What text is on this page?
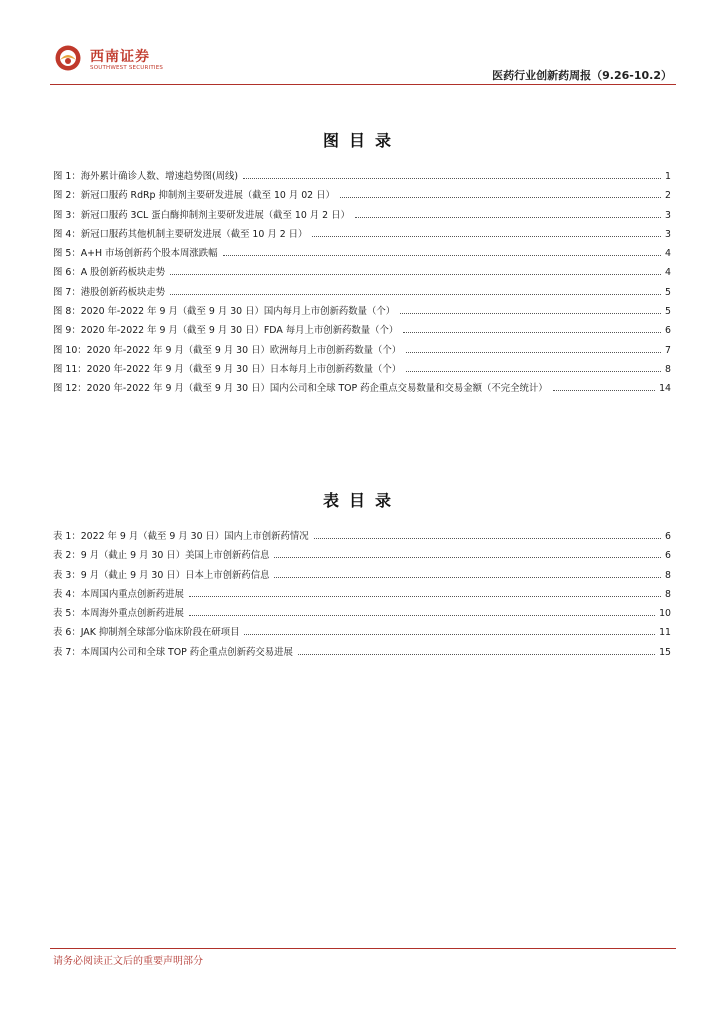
西南证券
SOUTHWEST SECURITIES
医药行业创新药周报（9.26-10.2）
图目录
图 1：海外累计确诊人数、增速趋势图(周线)	1
图 2：新冠口服药 RdRp 抑制剂主要研发进展（截至 10 月 02 日）	2
图 3：新冠口服药 3CL 蛋白酶抑制剂主要研发进展（截至 10 月 2 日）	3
图 4：新冠口服药其他机制主要研发进展（截至 10 月 2 日）	3
图 5：A+H 市场创新药个股本周涨跌幅	4
图 6：A 股创新药板块走势	4
图 7：港股创新药板块走势	5
图 8：2020 年-2022 年 9 月（截至 9 月 30 日）国内每月上市创新药数量（个）	5
图 9：2020 年-2022 年 9 月（截至 9 月 30 日）FDA 每月上市创新药数量（个）	6
图 10：2020 年-2022 年 9 月（截至 9 月 30 日）欧洲每月上市创新药数量（个）	7
图 11：2020 年-2022 年 9 月（截至 9 月 30 日）日本每月上市创新药数量（个）	8
图 12：2020 年-2022 年 9 月（截至 9 月 30 日）国内公司和全球 TOP 药企重点交易数量和交易金额（不完全统计）	14
表目录
表 1：2022 年 9 月（截至 9 月 30 日）国内上市创新药情况	6
表 2：9 月（截止 9 月 30 日）美国上市创新药信息	6
表 3：9 月（截止 9 月 30 日）日本上市创新药信息	8
表 4：本周国内重点创新药进展	8
表 5：本周海外重点创新药进展	10
表 6：JAK 抑制剂全球部分临床阶段在研项目	11
表 7：本周国内公司和全球 TOP 药企重点创新药交易进展	15
请务必阅读正文后的重要声明部分
